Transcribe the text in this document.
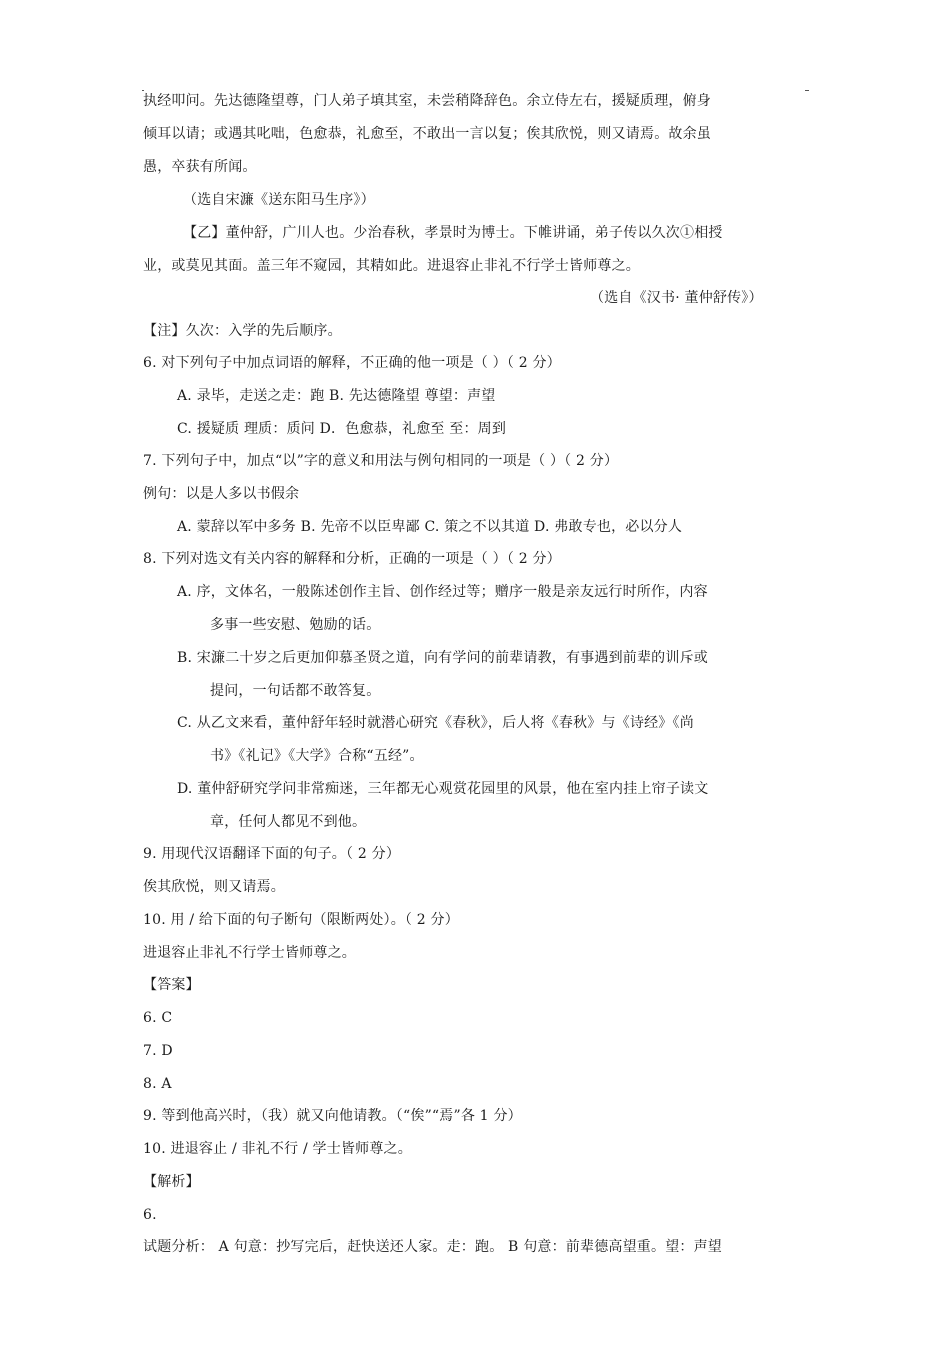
执经叩问。先达德隆望尊，门人弟子填其室，未尝稍降辞色。余立侍左右，援疑质理，俯身
倾耳以请；或遇其叱咄，色愈恭，礼愈至，不敢出一言以复；俟其欣悦，则又请焉。故余虽
愚，卒获有所闻。
（选自宋濂《送东阳马生序》）
【乙】董仲舒，广川人也。少治春秋，孝景时为博士。下帷讲诵，弟子传以久次①相授
业，或莫见其面。盖三年不窥园，其精如此。进退容止非礼不行学士皆师尊之。
（选自《汉书· 董仲舒传》）
【注】久次：入学的先后顺序。
6. 对下列句子中加点词语的解释，不正确的他一项是（ ）（ 2 分）
A. 录毕，走送之走：跑 B. 先达德隆望 尊望：声望
C. 援疑质 理质：质问 D．色愈恭，礼愈至 至：周到
7. 下列句子中，加点“以”字的意义和用法与例句相同的一项是（ ）（ 2 分）
例句：以是人多以书假余
A. 蒙辞以军中多务 B. 先帝不以臣卑鄙 C. 策之不以其道 D. 弗敢专也，必以分人
8. 下列对选文有关内容的解释和分析，正确的一项是（ ）（ 2 分）
A. 序，文体名，一般陈述创作主旨、创作经过等；赠序一般是亲友远行时所作，内容
多事一些安慰、勉励的话。
B. 宋濂二十岁之后更加仰慕圣贤之道，向有学问的前辈请教，有事遇到前辈的训斥或
提问，一句话都不敢答复。
C. 从乙文来看，董仲舒年轻时就潜心研究《春秋》，后人将《春秋》与《诗经》《尚
书》《礼记》《大学》合称“五经”。
D. 董仲舒研究学问非常痴迷，三年都无心观赏花园里的风景，他在室内挂上帘子读文
章，任何人都见不到他。
9. 用现代汉语翻译下面的句子。（ 2 分）
俟其欣悦，则又请焉。
10. 用 / 给下面的句子断句（限断两处）。（ 2 分）
进退容止非礼不行学士皆师尊之。
【答案】
6. C
7. D
8. A
9. 等到他高兴时，（我）就又向他请教。（“俟”“焉”各 1 分）
10. 进退容止 / 非礼不行 / 学士皆师尊之。
【解析】
6.
试题分析： A 句意：抄写完后，赶快送还人家。走：跑。 B 句意：前辈德高望重。望：声望
